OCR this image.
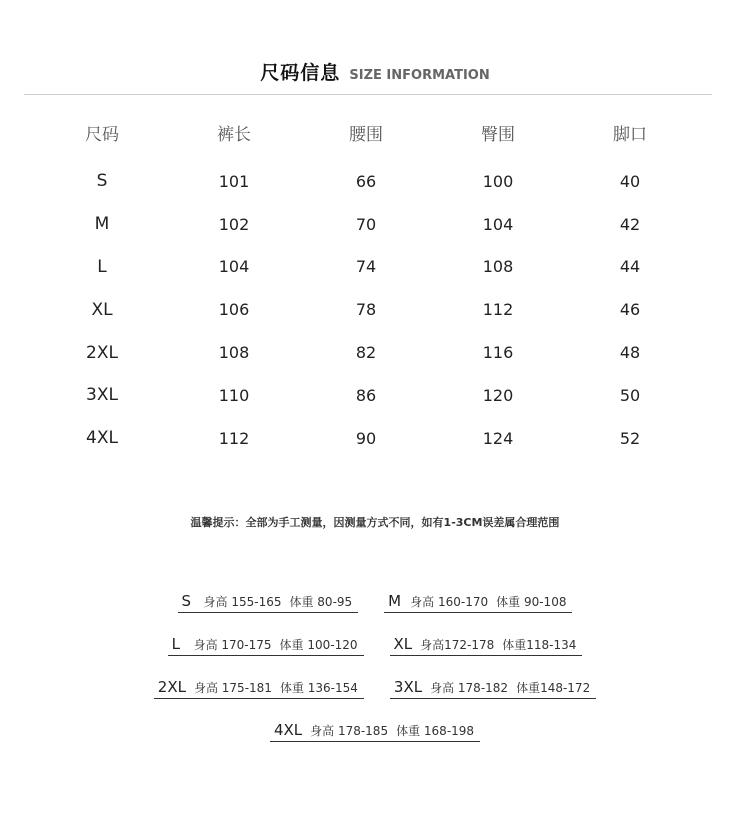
尺码信息 SIZE INFORMATION
尺码	裤长	腰围	臀围	脚口
S	101	66	100	40
M	102	70	104	42
L	104	74	108	44
XL	106	78	112	46
2XL	108	82	116	48
3XL	110	86	120	50
4XL	112	90	124	52
温馨提示：全部为手工测量，因测量方式不同，如有1-3CM误差属合理范围
S	身高 155-165 体重 80-95 M 身高 160-170 体重 90-108
L	身高 170-175 体重 100-120 XL 身高172-178 体重118-134
2XL 身高 175-181 体重 136-154 3XL 身高 178-182 体重148-172
4XL 身高 178-185 体重 168-198
